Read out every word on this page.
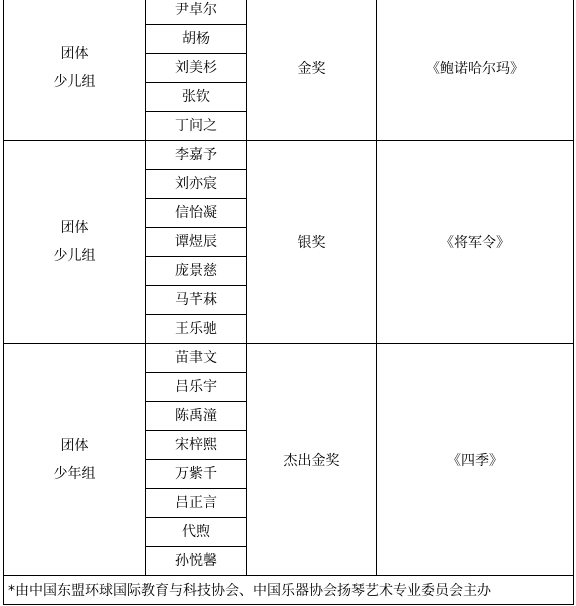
团体
少儿组	尹卓尔	金奖	《鲍诺哈尔玛》
	胡杨		
	刘美杉		
	张钦		
	丁问之		

团体
少儿组	李嘉予	银奖	《将军令》
	刘亦宸		
	信怡凝		
	谭煜辰		
	庞景慈		
	马芊菻		
	王乐驰		

团体
少年组	苗聿文	杰出金奖	《四季》
	吕乐宇		
	陈禹潼		
	宋梓熙		
	万紫千		
	吕正言		
	代煦		
	孙悦馨		
*由中国东盟环球国际教育与科技协会、中国乐器协会扬琴艺术专业委员会主办			
